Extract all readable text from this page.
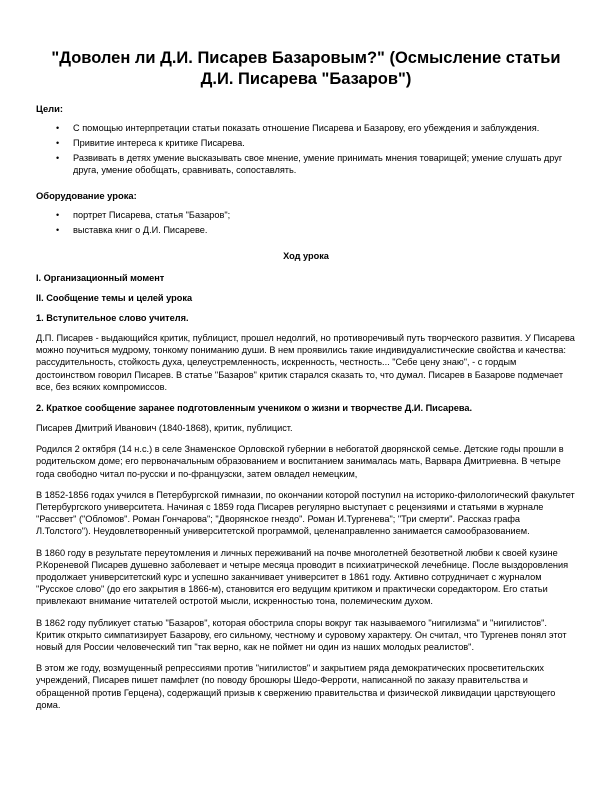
"Доволен ли Д.И. Писарев Базаровым?" (Осмысление статьи Д.И. Писарева "Базаров")
Цели:
• С помощью интерпретации статьи показать отношение Писарева и Базарову, его убеждения и заблуждения.
• Привитие интереса к критике Писарева.
• Развивать в детях умение высказывать свое мнение, умение принимать мнения товарищей; умение слушать друг друга, умение обобщать, сравнивать, сопоставлять.
Оборудование урока:
• портрет Писарева, статья "Базаров";
• выставка книг о Д.И. Писареве.
Ход урока
I. Организационный момент
II. Сообщение темы и целей урока
1. Вступительное слово учителя.

Д.П. Писарев - выдающийся критик, публицист, прошел недолгий, но противоречивый путь творческого развития. У Писарева можно поучиться мудрому, тонкому пониманию души. В нем проявились такие индивидуалистические свойства и качества: рассудительность, стойкость духа, целеустремленность, искренность, честность... "Себе цену знаю", - с гордым достоинством говорил Писарев. В статье "Базаров" критик старался сказать то, что думал. Писарев в Базарове подмечает все, без всяких компромиссов.

2. Краткое сообщение заранее подготовленным учеником о жизни и творчестве Д.И. Писарева.

Писарев Дмитрий Иванович (1840-1868), критик, публицист.

Родился 2 октября (14 н.с.) в селе Знаменское Орловской губернии в небогатой дворянской семье. Детские годы прошли в родительском доме; его первоначальным образованием и воспитанием занималась мать, Варвара Дмитриевна. В четыре года свободно читал по-русски и по-французски, затем овладел немецким,

В 1852-1856 годах учился в Петербургской гимназии, по окончании которой поступил на историко-филологический факультет Петербургского университета. Начиная с 1859 года Писарев регулярно выступает с рецензиями и статьями в журнале "Рассвет" ("Обломов". Роман Гончарова"; "Дворянское гнездо". Роман И.Тургенева"; "Три смерти". Рассказ графа Л.Толстого"). Неудовлетворенный университетской программой, целенаправленно занимается самообразованием.

В 1860 году в результате переутомления и личных переживаний на почве многолетней безответной любви к своей кузине Р.Кореневой Писарев душевно заболевает и четыре месяца проводит в психиатрической лечебнице. После выздоровления продолжает университетский курс и успешно заканчивает университет в 1861 году. Активно сотрудничает с журналом "Русское слово" (до его закрытия в 1866-м), становится его ведущим критиком и практически соредактором. Его статьи привлекают внимание читателей остротой мысли, искренностью тона, полемическим духом.

В 1862 году публикует статью "Базаров", которая обострила споры вокруг так называемого "нигилизма" и "нигилистов". Критик открыто симпатизирует Базарову, его сильному, честному и суровому характеру. Он считал, что Тургенев понял этот новый для России человеческий тип "так верно, как не поймет ни один из наших молодых реалистов".

В этом же году, возмущенный репрессиями против "нигилистов" и закрытием ряда демократических просветительских учреждений, Писарев пишет памфлет (по поводу брошюры Шедо-Ферроти, написанной по заказу правительства и обращенной против Герцена), содержащий призыв к свержению правительства и физической ликвидации царствующего дома.
